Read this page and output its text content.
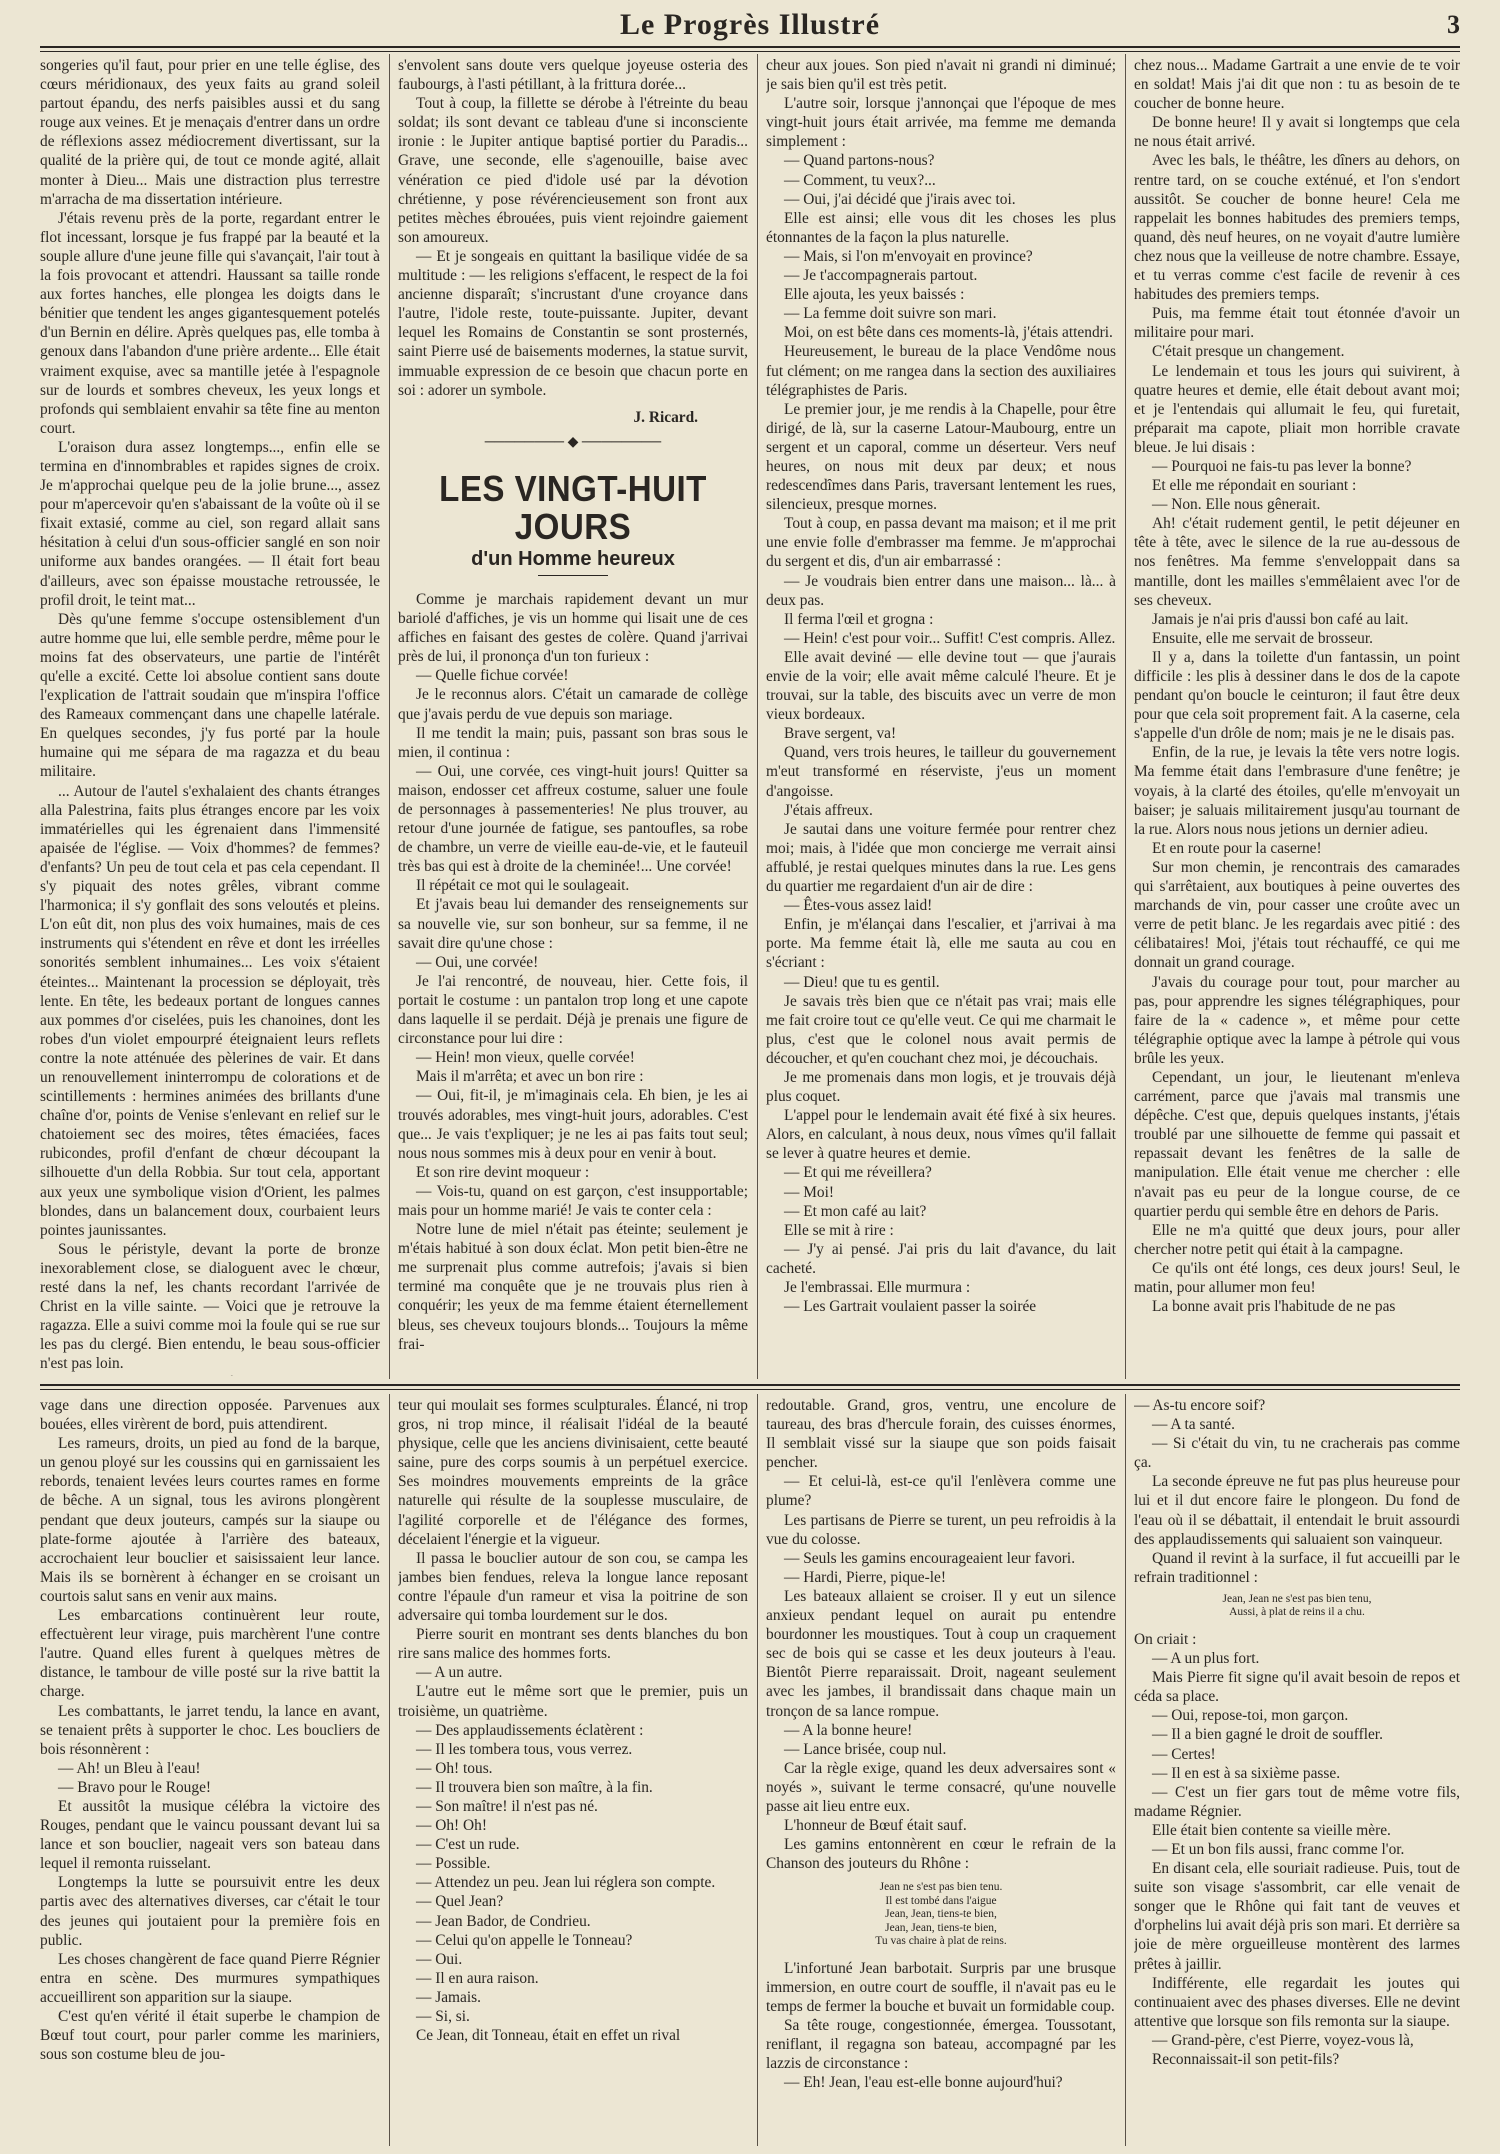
Le Progrès Illustré	3

songeries qu'il faut, pour prier en une telle église, des cœurs méridionaux, des yeux faits au grand soleil partout épandu, des nerfs paisibles aussi et du sang rouge aux veines. Et je menaçais d'entrer dans un ordre de réflexions assez médiocrement divertissant, sur la qualité de la prière qui, de tout ce monde agité, allait monter à Dieu... Mais une distraction plus terrestre m'arracha de ma dissertation intérieure.

J'étais revenu près de la porte, regardant entrer le flot incessant, lorsque je fus frappé par la beauté et la souple allure d'une jeune fille qui s'avançait, l'air tout à la fois provocant et attendri. Haussant sa taille ronde aux fortes hanches, elle plongea les doigts dans le bénitier que tendent les anges gigantesquement potelés d'un Bernin en délire. Après quelques pas, elle tomba à genoux dans l'abandon d'une prière ardente... Elle était vraiment exquise, avec sa mantille jetée à l'espagnole sur de lourds et sombres cheveux, les yeux longs et profonds qui semblaient envahir sa tête fine au menton court.

L'oraison dura assez longtemps..., enfin elle se termina en d'innombrables et rapides signes de croix. Je m'approchai quelque peu de la jolie brune..., assez pour m'apercevoir qu'en s'abaissant de la voûte où il se fixait extasié, comme au ciel, son regard allait sans hésitation à celui d'un sous-officier sanglé en son noir uniforme aux bandes orangées. — Il était fort beau d'ailleurs, avec son épaisse moustache retroussée, le profil droit, le teint mat...

Dès qu'une femme s'occupe ostensiblement d'un autre homme que lui, elle semble perdre, même pour le moins fat des observateurs, une partie de l'intérêt qu'elle a excité. Cette loi absolue contient sans doute l'explication de l'attrait soudain que m'inspira l'office des Rameaux commençant dans une chapelle latérale. En quelques secondes, j'y fus porté par la houle humaine qui me sépara de ma ragazza et du beau militaire.

... Autour de l'autel s'exhalaient des chants étranges alla Palestrina, faits plus étranges encore par les voix immatérielles qui les égrenaient dans l'immensité apaisée de l'église. — Voix d'hommes? de femmes? d'enfants? Un peu de tout cela et pas cela cependant. Il s'y piquait des notes grêles, vibrant comme l'harmonica; il s'y gonflait des sons veloutés et pleins. L'on eût dit, non plus des voix humaines, mais de ces instruments qui s'étendent en rêve et dont les irréelles sonorités semblent inhumaines... Les voix s'étaient éteintes... Maintenant la procession se déployait, très lente. En tête, les bedeaux portant de longues cannes aux pommes d'or ciselées, puis les chanoines, dont les robes d'un violet empourpré éteignaient leurs reflets contre la note atténuée des pèlerines de vair. Et dans un renouvellement ininterrompu de colorations et de scintillements : hermines animées des brillants d'une chaîne d'or, points de Venise s'enlevant en relief sur le chatoiement sec des moires, têtes émaciées, faces rubicondes, profil d'enfant de chœur découpant la silhouette d'un della Robbia. Sur tout cela, apportant aux yeux une symbolique vision d'Orient, les palmes blondes, dans un balancement doux, courbaient leurs pointes jaunissantes.

Sous le péristyle, devant la porte de bronze inexorablement close, se dialoguent avec le chœur, resté dans la nef, les chants recordant l'arrivée de Christ en la ville sainte. — Voici que je retrouve la ragazza. Elle a suivi comme moi la foule qui se rue sur les pas du clergé. Bien entendu, le beau sous-officier n'est pas loin.

s'envolent sans doute vers quelque joyeuse osteria des faubourgs, à l'asti pétillant, à la frittura dorée...

Tout à coup, la fillette se dérobe à l'étreinte du beau soldat; ils sont devant ce tableau d'une si inconsciente ironie : le Jupiter antique baptisé portier du Paradis... Grave, une seconde, elle s'agenouille, baise avec vénération ce pied d'idole usé par la dévotion chrétienne, y pose révérencieusement son front aux petites mèches ébrouées, puis vient rejoindre gaiement son amoureux.

— Et je songeais en quittant la basilique vidée de sa multitude : — les religions s'effacent, le respect de la foi ancienne disparaît; s'incrustant d'une croyance dans l'autre, l'idole reste, toute-puissante. Jupiter, devant lequel les Romains de Constantin se sont prosternés, saint Pierre usé de baisements modernes, la statue survit, immuable expression de ce besoin que chacun porte en soi : adorer un symbole.

J. Ricard.
──────── ◆ ────────
LES VINGT-HUIT JOURS
d'un Homme heureux

Comme je marchais rapidement devant un mur bariolé d'affiches, je vis un homme qui lisait une de ces affiches en faisant des gestes de colère. Quand j'arrivai près de lui, il prononça d'un ton furieux :

— Quelle fichue corvée!

Je le reconnus alors. C'était un camarade de collège que j'avais perdu de vue depuis son mariage.

Il me tendit la main; puis, passant son bras sous le mien, il continua :

— Oui, une corvée, ces vingt-huit jours! Quitter sa maison, endosser cet affreux costume, saluer une foule de personnages à passementeries! Ne plus trouver, au retour d'une journée de fatigue, ses pantoufles, sa robe de chambre, un verre de vieille eau-de-vie, et le fauteuil très bas qui est à droite de la cheminée!... Une corvée!

Il répétait ce mot qui le soulageait.

Et j'avais beau lui demander des renseignements sur sa nouvelle vie, sur son bonheur, sur sa femme, il ne savait dire qu'une chose :

— Oui, une corvée!

Je l'ai rencontré, de nouveau, hier. Cette fois, il portait le costume : un pantalon trop long et une capote dans laquelle il se perdait. Déjà je prenais une figure de circonstance pour lui dire :

— Hein! mon vieux, quelle corvée!

Mais il m'arrêta; et avec un bon rire :

— Oui, fit-il, je m'imaginais cela. Eh bien, je les ai trouvés adorables, mes vingt-huit jours, adorables. C'est que... Je vais t'expliquer; je ne les ai pas faits tout seul; nous nous sommes mis à deux pour en venir à bout.

Et son rire devint moqueur :

— Vois-tu, quand on est garçon, c'est insupportable; mais pour un homme marié! Je vais te conter cela :

Notre lune de miel n'était pas éteinte; seulement je m'étais habitué à son doux éclat. Mon petit bien-être ne me surprenait plus comme autrefois; j'avais si bien terminé ma conquête que je ne trouvais plus rien à conquérir; les yeux de ma femme étaient éternellement bleus, ses cheveux toujours blonds... Toujours la même frai-

cheur aux joues. Son pied n'avait ni grandi ni diminué; je sais bien qu'il est très petit.

L'autre soir, lorsque j'annonçai que l'époque de mes vingt-huit jours était arrivée, ma femme me demanda simplement :

— Quand partons-nous?

— Comment, tu veux?...

— Oui, j'ai décidé que j'irais avec toi.

Elle est ainsi; elle vous dit les choses les plus étonnantes de la façon la plus naturelle.

— Mais, si l'on m'envoyait en province?

— Je t'accompagnerais partout.

Elle ajouta, les yeux baissés :

— La femme doit suivre son mari.

Moi, on est bête dans ces moments-là, j'étais attendri.

Heureusement, le bureau de la place Vendôme nous fut clément; on me rangea dans la section des auxiliaires télégraphistes de Paris.

Le premier jour, je me rendis à la Chapelle, pour être dirigé, de là, sur la caserne Latour-Maubourg, entre un sergent et un caporal, comme un déserteur. Vers neuf heures, on nous mit deux par deux; et nous redescendîmes dans Paris, traversant lentement les rues, silencieux, presque mornes.

Tout à coup, en passa devant ma maison; et il me prit une envie folle d'embrasser ma femme. Je m'approchai du sergent et dis, d'un air embarrassé :

— Je voudrais bien entrer dans une maison... là... à deux pas.

Il ferma l'œil et grogna :

— Hein! c'est pour voir... Suffit! C'est compris. Allez.

Elle avait deviné — elle devine tout — que j'aurais envie de la voir; elle avait même calculé l'heure. Et je trouvai, sur la table, des biscuits avec un verre de mon vieux bordeaux.

Brave sergent, va!

Quand, vers trois heures, le tailleur du gouvernement m'eut transformé en réserviste, j'eus un moment d'angoisse.

J'étais affreux.

Je sautai dans une voiture fermée pour rentrer chez moi; mais, à l'idée que mon concierge me verrait ainsi affublé, je restai quelques minutes dans la rue. Les gens du quartier me regardaient d'un air de dire :

— Êtes-vous assez laid!

Enfin, je m'élançai dans l'escalier, et j'arrivai à ma porte. Ma femme était là, elle me sauta au cou en s'écriant :

— Dieu! que tu es gentil.

Je savais très bien que ce n'était pas vrai; mais elle me fait croire tout ce qu'elle veut. Ce qui me charmait le plus, c'est que le colonel nous avait permis de découcher, et qu'en couchant chez moi, je découchais.

Je me promenais dans mon logis, et je trouvais déjà plus coquet.

L'appel pour le lendemain avait été fixé à six heures. Alors, en calculant, à nous deux, nous vîmes qu'il fallait se lever à quatre heures et demie.

— Et qui me réveillera?

— Moi!

— Et mon café au lait?

Elle se mit à rire :

— J'y ai pensé. J'ai pris du lait d'avance, du lait cacheté.

Je l'embrassai. Elle murmura :

— Les Gartrait voulaient passer la soirée

chez nous... Madame Gartrait a une envie de te voir en soldat! Mais j'ai dit que non : tu as besoin de te coucher de bonne heure.

De bonne heure! Il y avait si longtemps que cela ne nous était arrivé.

Avec les bals, le théâtre, les dîners au dehors, on rentre tard, on se couche exténué, et l'on s'endort aussitôt. Se coucher de bonne heure! Cela me rappelait les bonnes habitudes des premiers temps, quand, dès neuf heures, on ne voyait d'autre lumière chez nous que la veilleuse de notre chambre. Essaye, et tu verras comme c'est facile de revenir à ces habitudes des premiers temps.

Puis, ma femme était tout étonnée d'avoir un militaire pour mari.

C'était presque un changement.

Le lendemain et tous les jours qui suivirent, à quatre heures et demie, elle était debout avant moi; et je l'entendais qui allumait le feu, qui furetait, préparait ma capote, pliait mon horrible cravate bleue. Je lui disais :

— Pourquoi ne fais-tu pas lever la bonne?

Et elle me répondait en souriant :

— Non. Elle nous gênerait.

Ah! c'était rudement gentil, le petit déjeuner en tête à tête, avec le silence de la rue au-dessous de nos fenêtres. Ma femme s'enveloppait dans sa mantille, dont les mailles s'emmêlaient avec l'or de ses cheveux.

Jamais je n'ai pris d'aussi bon café au lait.

Ensuite, elle me servait de brosseur.

Il y a, dans la toilette d'un fantassin, un point difficile : les plis à dessiner dans le dos de la capote pendant qu'on boucle le ceinturon; il faut être deux pour que cela soit proprement fait. A la caserne, cela s'appelle d'un drôle de nom; mais je ne le disais pas.

Enfin, de la rue, je levais la tête vers notre logis. Ma femme était dans l'embrasure d'une fenêtre; je voyais, à la clarté des étoiles, qu'elle m'envoyait un baiser; je saluais militairement jusqu'au tournant de la rue. Alors nous nous jetions un dernier adieu.

Et en route pour la caserne!

Sur mon chemin, je rencontrais des camarades qui s'arrêtaient, aux boutiques à peine ouvertes des marchands de vin, pour casser une croûte avec un verre de petit blanc. Je les regardais avec pitié : des célibataires! Moi, j'étais tout réchauffé, ce qui me donnait un grand courage.

J'avais du courage pour tout, pour marcher au pas, pour apprendre les signes télégraphiques, pour faire de la « cadence », et même pour cette télégraphie optique avec la lampe à pétrole qui vous brûle les yeux.

Cependant, un jour, le lieutenant m'enleva carrément, parce que j'avais mal transmis une dépêche. C'est que, depuis quelques instants, j'étais troublé par une silhouette de femme qui passait et repassait devant les fenêtres de la salle de manipulation. Elle était venue me chercher : elle n'avait pas eu peur de la longue course, de ce quartier perdu qui semble être en dehors de Paris.

Elle ne m'a quitté que deux jours, pour aller chercher notre petit qui était à la campagne.

Ce qu'ils ont été longs, ces deux jours! Seul, le matin, pour allumer mon feu!

La bonne avait pris l'habitude de ne pas

vage dans une direction opposée. Parvenues aux bouées, elles virèrent de bord, puis attendirent.

Les rameurs, droits, un pied au fond de la barque, un genou ployé sur les coussins qui en garnissaient les rebords, tenaient levées leurs courtes rames en forme de bêche. A un signal, tous les avirons plongèrent pendant que deux jouteurs, campés sur la siaupe ou plate-forme ajoutée à l'arrière des bateaux, accrochaient leur bouclier et saisissaient leur lance. Mais ils se bornèrent à échanger en se croisant un courtois salut sans en venir aux mains.

Les embarcations continuèrent leur route, effectuèrent leur virage, puis marchèrent l'une contre l'autre. Quand elles furent à quelques mètres de distance, le tambour de ville posté sur la rive battit la charge.

Les combattants, le jarret tendu, la lance en avant, se tenaient prêts à supporter le choc. Les boucliers de bois résonnèrent :

— Ah! un Bleu à l'eau!

— Bravo pour le Rouge!

Et aussitôt la musique célébra la victoire des Rouges, pendant que le vaincu poussant devant lui sa lance et son bouclier, nageait vers son bateau dans lequel il remonta ruisselant.

Longtemps la lutte se poursuivit entre les deux partis avec des alternatives diverses, car c'était le tour des jeunes qui joutaient pour la première fois en public.

Les choses changèrent de face quand Pierre Régnier entra en scène. Des murmures sympathiques accueillirent son apparition sur la siaupe.

C'est qu'en vérité il était superbe le champion de Bœuf tout court, pour parler comme les mariniers, sous son costume bleu de jou-

teur qui moulait ses formes sculpturales. Élancé, ni trop gros, ni trop mince, il réalisait l'idéal de la beauté physique, celle que les anciens divinisaient, cette beauté saine, pure des corps soumis à un perpétuel exercice. Ses moindres mouvements empreints de la grâce naturelle qui résulte de la souplesse musculaire, de l'agilité corporelle et de l'élégance des formes, décelaient l'énergie et la vigueur.

Il passa le bouclier autour de son cou, se campa les jambes bien fendues, releva la longue lance reposant contre l'épaule d'un rameur et visa la poitrine de son adversaire qui tomba lourdement sur le dos.

Pierre sourit en montrant ses dents blanches du bon rire sans malice des hommes forts.

— A un autre.

L'autre eut le même sort que le premier, puis un troisième, un quatrième.

— Des applaudissements éclatèrent :

— Il les tombera tous, vous verrez.

— Oh! tous.

— Il trouvera bien son maître, à la fin.

— Son maître! il n'est pas né.

— Oh! Oh!

— C'est un rude.

— Possible.

— Attendez un peu. Jean lui réglera son compte.

— Quel Jean?

— Jean Bador, de Condrieu.

— Celui qu'on appelle le Tonneau?

— Oui.

— Il en aura raison.

— Jamais.

— Si, si.

Ce Jean, dit Tonneau, était en effet un rival

redoutable. Grand, gros, ventru, une encolure de taureau, des bras d'hercule forain, des cuisses énormes, Il semblait vissé sur la siaupe que son poids faisait pencher.

— Et celui-là, est-ce qu'il l'enlèvera comme une plume?

Les partisans de Pierre se turent, un peu refroidis à la vue du colosse.

— Seuls les gamins encourageaient leur favori.

— Hardi, Pierre, pique-le!

Les bateaux allaient se croiser. Il y eut un silence anxieux pendant lequel on aurait pu entendre bourdonner les moustiques. Tout à coup un craquement sec de bois qui se casse et les deux jouteurs à l'eau. Bientôt Pierre reparaissait. Droit, nageant seulement avec les jambes, il brandissait dans chaque main un tronçon de sa lance rompue.

— A la bonne heure!

— Lance brisée, coup nul.

Car la règle exige, quand les deux adversaires sont « noyés », suivant le terme consacré, qu'une nouvelle passe ait lieu entre eux.

L'honneur de Bœuf était sauf.

Les gamins entonnèrent en cœur le refrain de la Chanson des jouteurs du Rhône :

Jean ne s'est pas bien tenu.
Il est tombé dans l'aigue
Jean, Jean, tiens-te bien,
Jean, Jean, tiens-te bien,
Tu vas chaire à plat de reins.

L'infortuné Jean barbotait. Surpris par une brusque immersion, en outre court de souffle, il n'avait pas eu le temps de fermer la bouche et buvait un formidable coup.

Sa tête rouge, congestionnée, émergea. Toussotant, reniflant, il regagna son bateau, accompagné par les lazzis de circonstance :

— Eh! Jean, l'eau est-elle bonne aujourd'hui?

— As-tu encore soif?

— A ta santé.

— Si c'était du vin, tu ne cracherais pas comme ça.

La seconde épreuve ne fut pas plus heureuse pour lui et il dut encore faire le plongeon. Du fond de l'eau où il se débattait, il entendait le bruit assourdi des applaudissements qui saluaient son vainqueur.

Quand il revint à la surface, il fut accueilli par le refrain traditionnel :

Jean, Jean ne s'est pas bien tenu,
Aussi, à plat de reins il a chu.

On criait :

— A un plus fort.

Mais Pierre fit signe qu'il avait besoin de repos et céda sa place.

— Oui, repose-toi, mon garçon.

— Il a bien gagné le droit de souffler.

— Certes!

— Il en est à sa sixième passe.

— C'est un fier gars tout de même votre fils, madame Régnier.

Elle était bien contente sa vieille mère.

— Et un bon fils aussi, franc comme l'or.

En disant cela, elle souriait radieuse. Puis, tout de suite son visage s'assombrit, car elle venait de songer que le Rhône qui fait tant de veuves et d'orphelins lui avait déjà pris son mari. Et derrière sa joie de mère orgueilleuse montèrent des larmes prêtes à jaillir.

Indifférente, elle regardait les joutes qui continuaient avec des phases diverses. Elle ne devint attentive que lorsque son fils remonta sur la siaupe.

— Grand-père, c'est Pierre, voyez-vous là,

Reconnaissait-il son petit-fils?
